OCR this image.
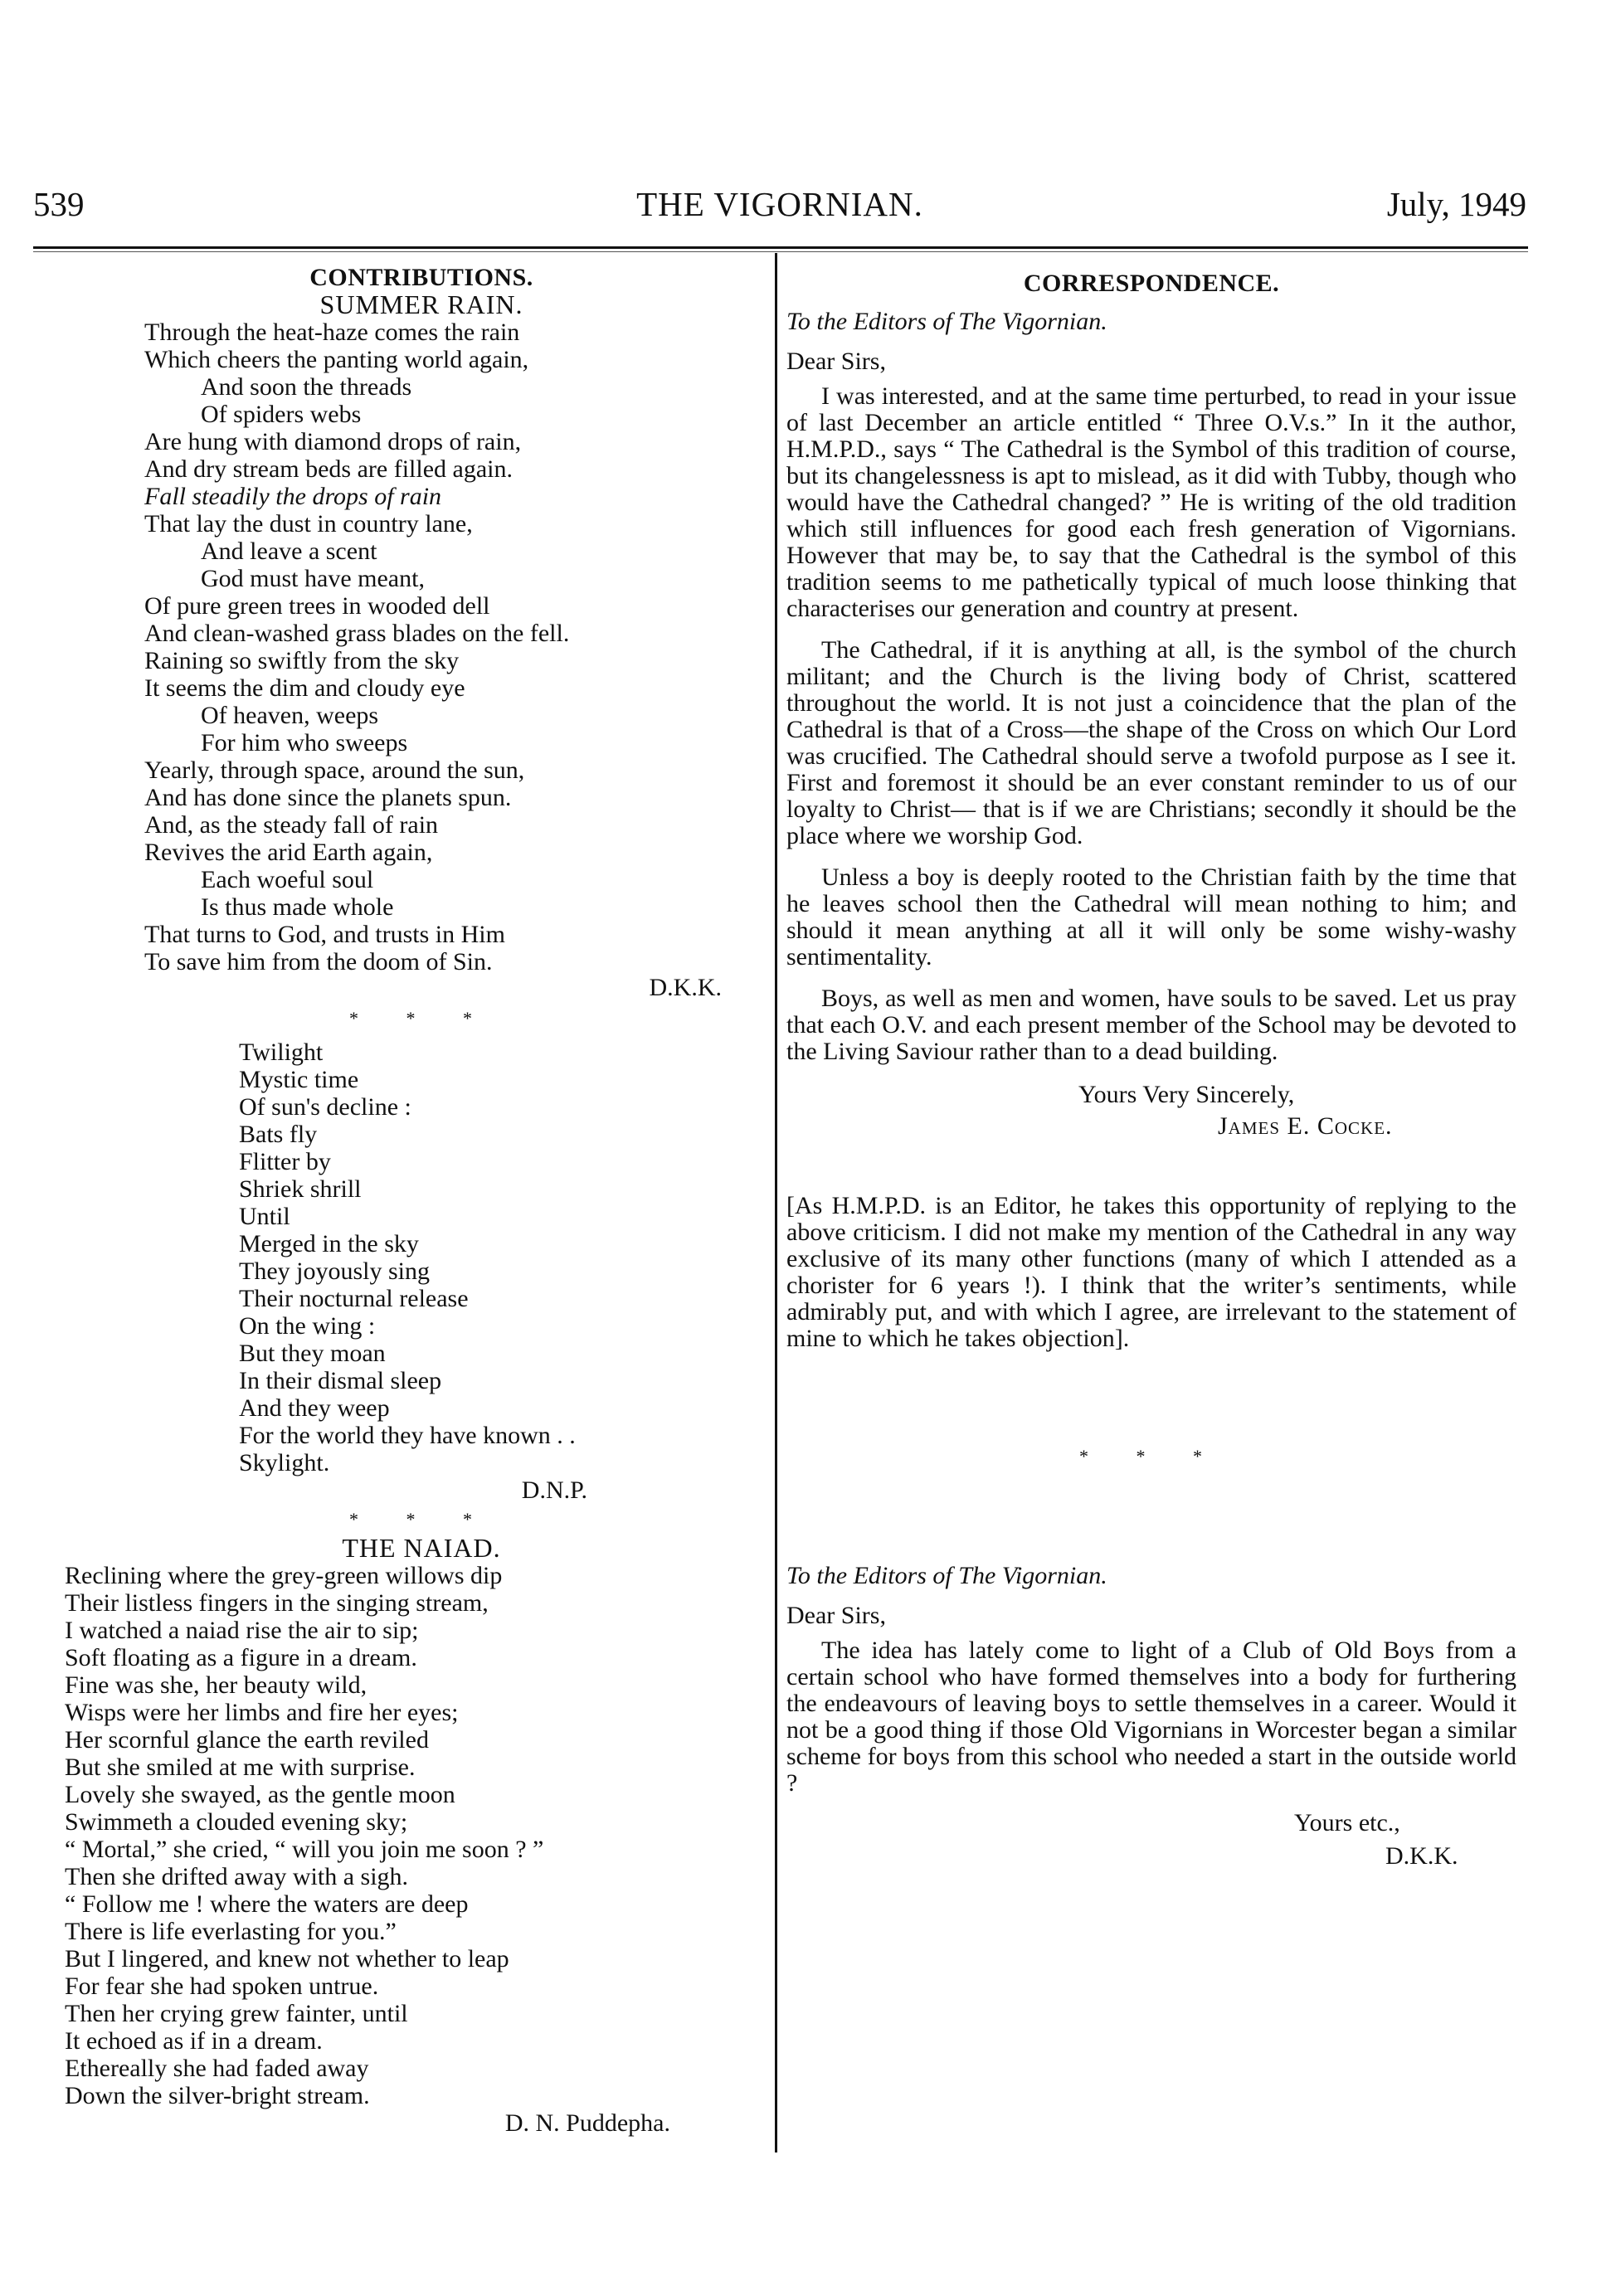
539	THE VIGORNIAN.	July, 1949
CONTRIBUTIONS.
SUMMER RAIN.
Through the heat-haze comes the rain
Which cheers the panting world again,
And soon the threads
Of spiders webs
Are hung with diamond drops of rain,
And dry stream beds are filled again.
Fall steadily the drops of rain
That lay the dust in country lane,
And leave a scent
God must have meant,
Of pure green trees in wooded dell
And clean-washed grass blades on the fell.
Raining so swiftly from the sky
It seems the dim and cloudy eye
Of heaven, weeps
For him who sweeps
Yearly, through space, around the sun,
And has done since the planets spun.
And, as the steady fall of rain
Revives the arid Earth again,
Each woeful soul
Is thus made whole
That turns to God, and trusts in Him
To save him from the doom of Sin.
D.K.K.
* * *
Twilight
Mystic time
Of sun's decline :
Bats fly
Flitter by
Shriek shrill
Until
Merged in the sky
They joyously sing
Their nocturnal release
On the wing :
But they moan
In their dismal sleep
And they weep
For the world they have known . .
Skylight.
D.N.P.
* * *
THE NAIAD.
Reclining where the grey-green willows dip
Their listless fingers in the singing stream,
I watched a naiad rise the air to sip;
Soft floating as a figure in a dream.
Fine was she, her beauty wild,
Wisps were her limbs and fire her eyes;
Her scornful glance the earth reviled
But she smiled at me with surprise.
Lovely she swayed, as the gentle moon
Swimmeth a clouded evening sky;
“ Mortal,” she cried, “ will you join me soon ? ”
Then she drifted away with a sigh.
“ Follow me ! where the waters are deep
There is life everlasting for you.”
But I lingered, and knew not whether to leap
For fear she had spoken untrue.
Then her crying grew fainter, until
It echoed as if in a dream.
Ethereally she had faded away
Down the silver-bright stream.
D. N. Puddepha.
CORRESPONDENCE.
To the Editors of The Vigornian.
Dear Sirs,

I was interested, and at the same time perturbed, to read in your issue of last December an article entitled “ Three O.V.s.” In it the author, H.M.P.D., says “ The Cathedral is the Symbol of this tradition of course, but its changelessness is apt to mislead, as it did with Tubby, though who would have the Cathedral changed? ” He is writing of the old tradition which still influences for good each fresh generation of Vigornians. However that may be, to say that the Cathedral is the symbol of this tradition seems to me pathetically typical of much loose thinking that characterises our generation and country at present.

The Cathedral, if it is anything at all, is the symbol of the church militant; and the Church is the living body of Christ, scattered throughout the world. It is not just a coincidence that the plan of the Cathedral is that of a Cross—the shape of the Cross on which Our Lord was crucified. The Cathedral should serve a twofold purpose as I see it. First and foremost it should be an ever constant reminder to us of our loyalty to Christ— that is if we are Christians; secondly it should be the place where we worship God.

Unless a boy is deeply rooted to the Christian faith by the time that he leaves school then the Cathedral will mean nothing to him; and should it mean anything at all it will only be some wishy-washy sentimentality.

Boys, as well as men and women, have souls to be saved. Let us pray that each O.V. and each present member of the School may be devoted to the Living Saviour rather than to a dead building.

Yours Very Sincerely,
James E. Cocke.

[As H.M.P.D. is an Editor, he takes this opportunity of replying to the above criticism. I did not make my mention of the Cathedral in any way exclusive of its many other functions (many of which I attended as a chorister for 6 years !). I think that the writer’s sentiments, while admirably put, and with which I agree, are irrelevant to the statement of mine to which he takes objection].

* * *
To the Editors of The Vigornian.
Dear Sirs,

The idea has lately come to light of a Club of Old Boys from a certain school who have formed themselves into a body for furthering the endeavours of leaving boys to settle themselves in a career. Would it not be a good thing if those Old Vigornians in Worcester began a similar scheme for boys from this school who needed a start in the outside world ?

Yours etc.,
D.K.K.
